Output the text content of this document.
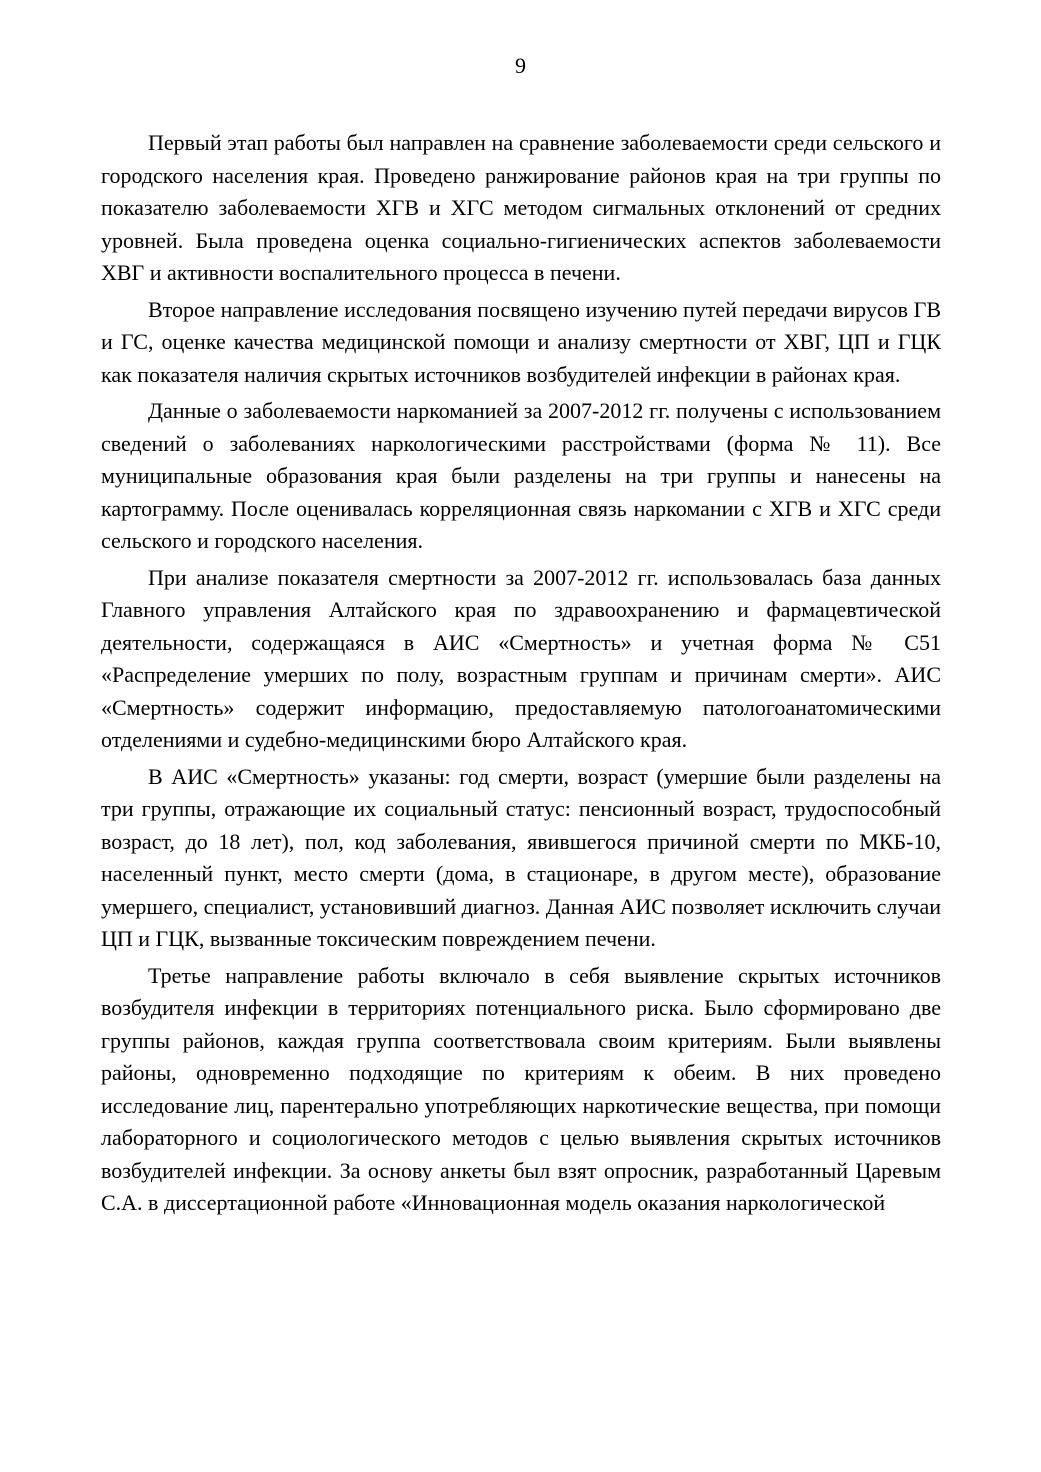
9

Первый этап работы был направлен на сравнение заболеваемости среди сельского и городского населения края. Проведено ранжирование районов края на три группы по показателю заболеваемости ХГВ и ХГС методом сигмальных отклонений от средних уровней. Была проведена оценка социально-гигиенических аспектов заболеваемости ХВГ и активности воспалительного процесса в печени.

Второе направление исследования посвящено изучению путей передачи вирусов ГВ и ГС, оценке качества медицинской помощи и анализу смертности от ХВГ, ЦП и ГЦК как показателя наличия скрытых источников возбудителей инфекции в районах края.

Данные о заболеваемости наркоманией за 2007-2012 гг. получены с использованием сведений о заболеваниях наркологическими расстройствами (форма № 11). Все муниципальные образования края были разделены на три группы и нанесены на картограмму. После оценивалась корреляционная связь наркомании с ХГВ и ХГС среди сельского и городского населения.

При анализе показателя смертности за 2007-2012 гг. использовалась база данных Главного управления Алтайского края по здравоохранению и фармацевтической деятельности, содержащаяся в АИС «Смертность» и учетная форма № С51 «Распределение умерших по полу, возрастным группам и причинам смерти». АИС «Смертность» содержит информацию, предоставляемую патологоанатомическими отделениями и судебно-медицинскими бюро Алтайского края.

В АИС «Смертность» указаны: год смерти, возраст (умершие были разделены на три группы, отражающие их социальный статус: пенсионный возраст, трудоспособный возраст, до 18 лет), пол, код заболевания, явившегося причиной смерти по МКБ-10, населенный пункт, место смерти (дома, в стационаре, в другом месте), образование умершего, специалист, установивший диагноз. Данная АИС позволяет исключить случаи ЦП и ГЦК, вызванные токсическим повреждением печени.

Третье направление работы включало в себя выявление скрытых источников возбудителя инфекции в территориях потенциального риска. Было сформировано две группы районов, каждая группа соответствовала своим критериям. Были выявлены районы, одновременно подходящие по критериям к обеим. В них проведено исследование лиц, парентерально употребляющих наркотические вещества, при помощи лабораторного и социологического методов с целью выявления скрытых источников возбудителей инфекции. За основу анкеты был взят опросник, разработанный Царевым С.А. в диссертационной работе «Инновационная модель оказания наркологической
